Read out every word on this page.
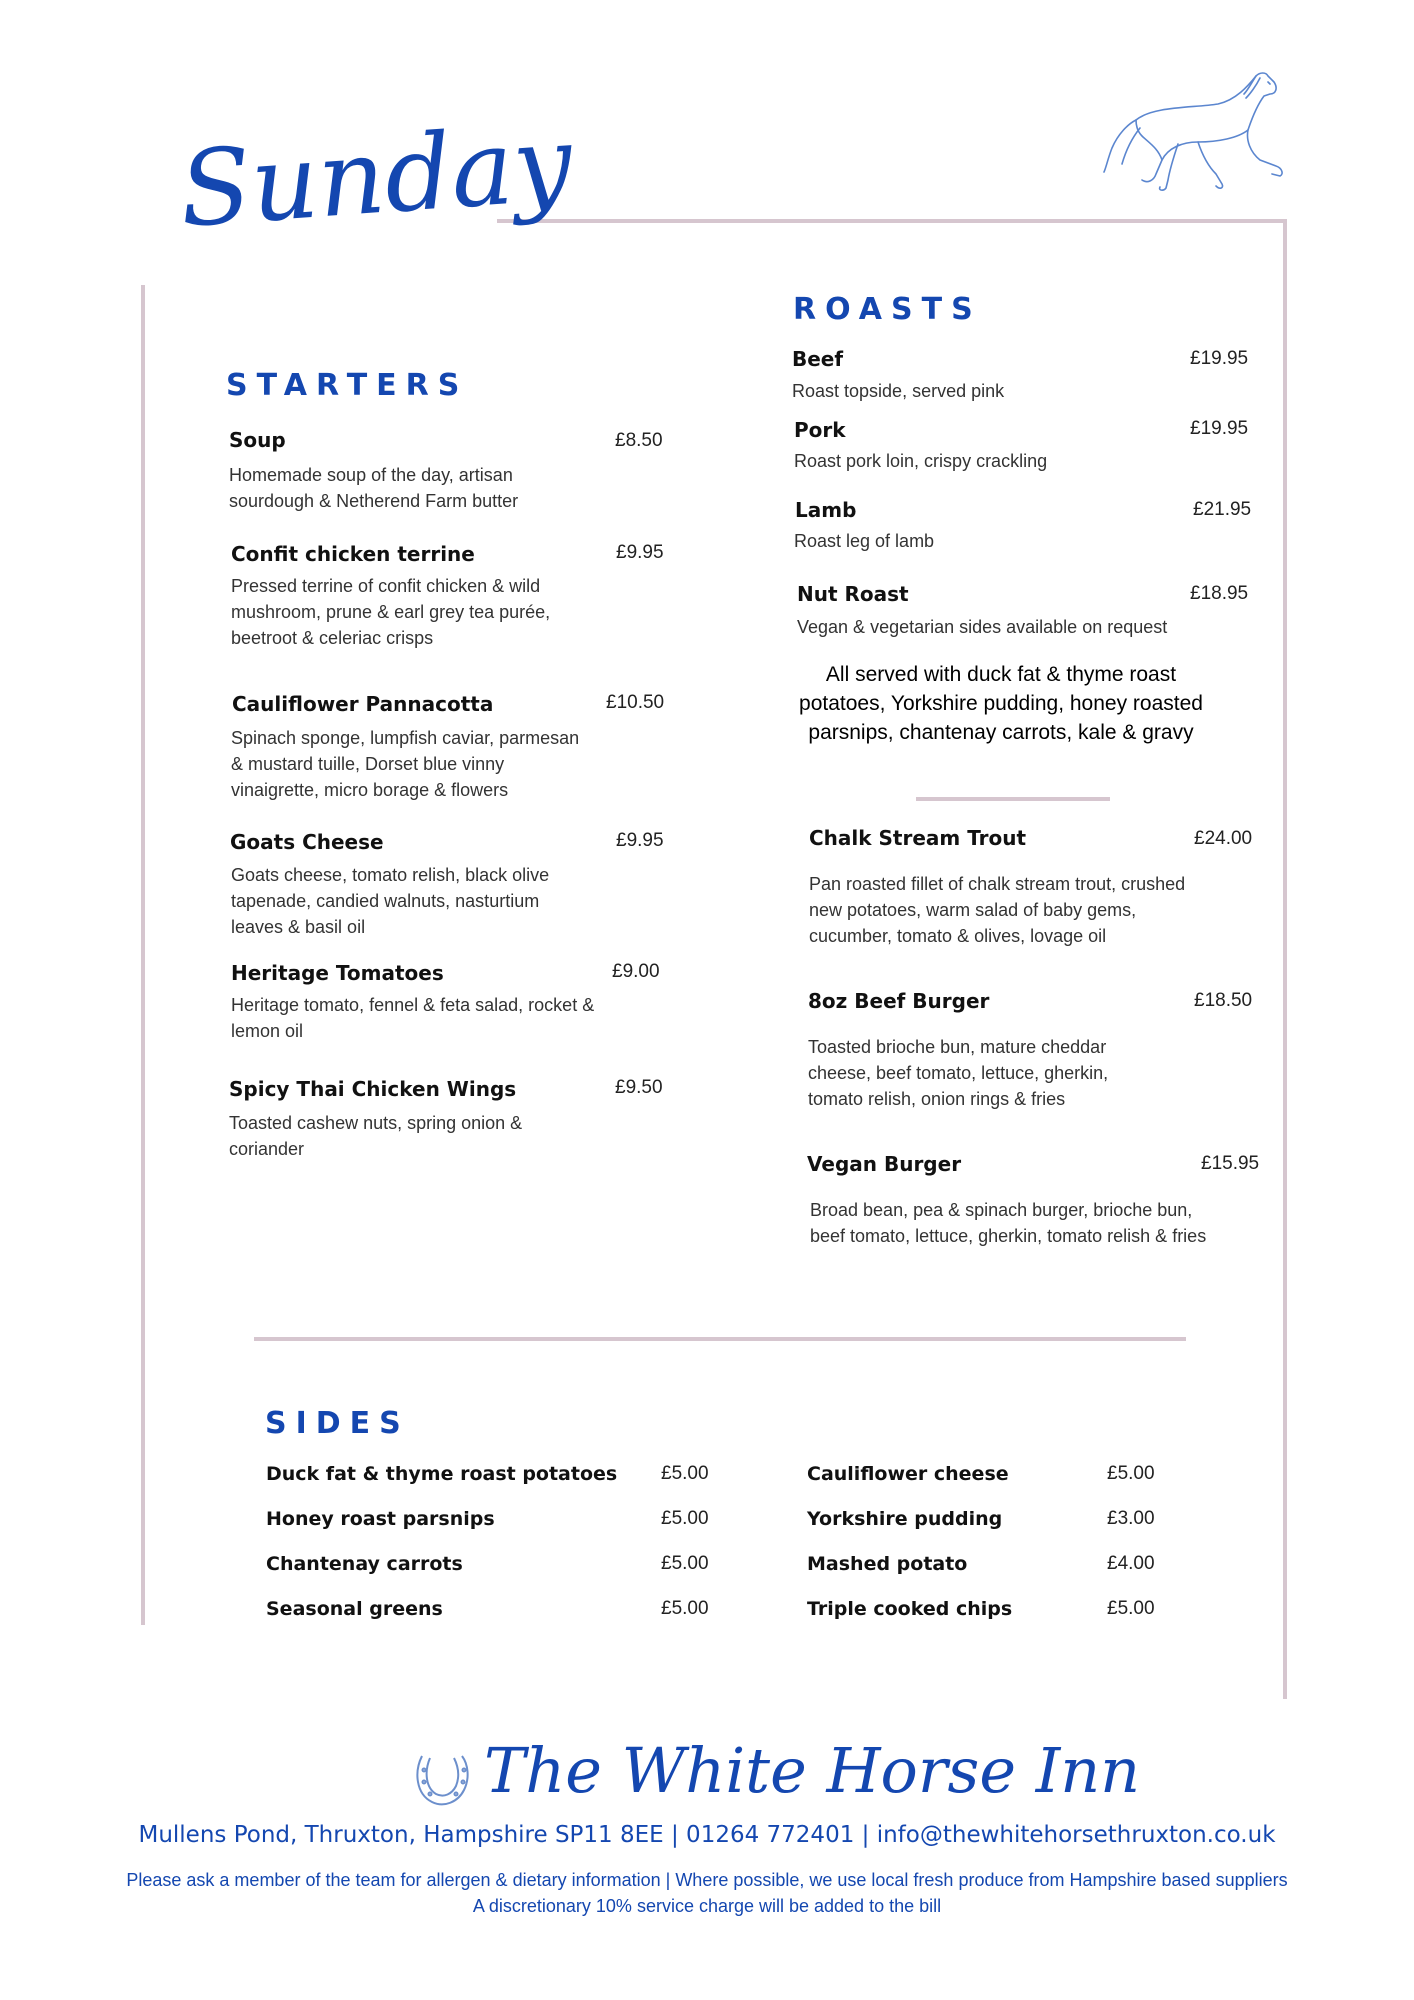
Sunday
STARTERS
Soup	£8.50
Homemade soup of the day, artisan sourdough & Netherend Farm butter
Confit chicken terrine	£9.95
Pressed terrine of confit chicken & wild mushroom, prune & earl grey tea purée, beetroot & celeriac crisps
Cauliflower Pannacotta	£10.50
Spinach sponge, lumpfish caviar, parmesan & mustard tuille, Dorset blue vinny vinaigrette, micro borage & flowers
Goats Cheese	£9.95
Goats cheese, tomato relish, black olive tapenade, candied walnuts, nasturtium leaves & basil oil
Heritage Tomatoes	£9.00
Heritage tomato, fennel & feta salad, rocket & lemon oil
Spicy Thai Chicken Wings	£9.50
Toasted cashew nuts, spring onion & coriander
ROASTS
Beef	£19.95
Roast topside, served pink
Pork	£19.95
Roast pork loin, crispy crackling
Lamb	£21.95
Roast leg of lamb
Nut Roast	£18.95
Vegan & vegetarian sides available on request
All served with duck fat & thyme roast potatoes, Yorkshire pudding, honey roasted parsnips, chantenay carrots, kale & gravy
Chalk Stream Trout	£24.00
Pan roasted fillet of chalk stream trout, crushed new potatoes, warm salad of baby gems, cucumber, tomato & olives, lovage oil
8oz Beef Burger	£18.50
Toasted brioche bun, mature cheddar cheese, beef tomato, lettuce, gherkin, tomato relish, onion rings & fries
Vegan Burger	£15.95
Broad bean, pea & spinach burger, brioche bun, beef tomato, lettuce, gherkin, tomato relish & fries
SIDES
Duck fat & thyme roast potatoes £5.00
Honey roast parsnips	£5.00
Chantenay carrots	£5.00
Seasonal greens	£5.00
Cauliflower cheese	£5.00
Yorkshire pudding	£3.00
Mashed potato	£4.00
Triple cooked chips	£5.00
The White Horse Inn
Mullens Pond, Thruxton, Hampshire SP11 8EE | 01264 772401 | info@thewhitehorsethruxton.co.uk
Please ask a member of the team for allergen & dietary information | Where possible, we use local fresh produce from Hampshire based suppliers
A discretionary 10% service charge will be added to the bill
